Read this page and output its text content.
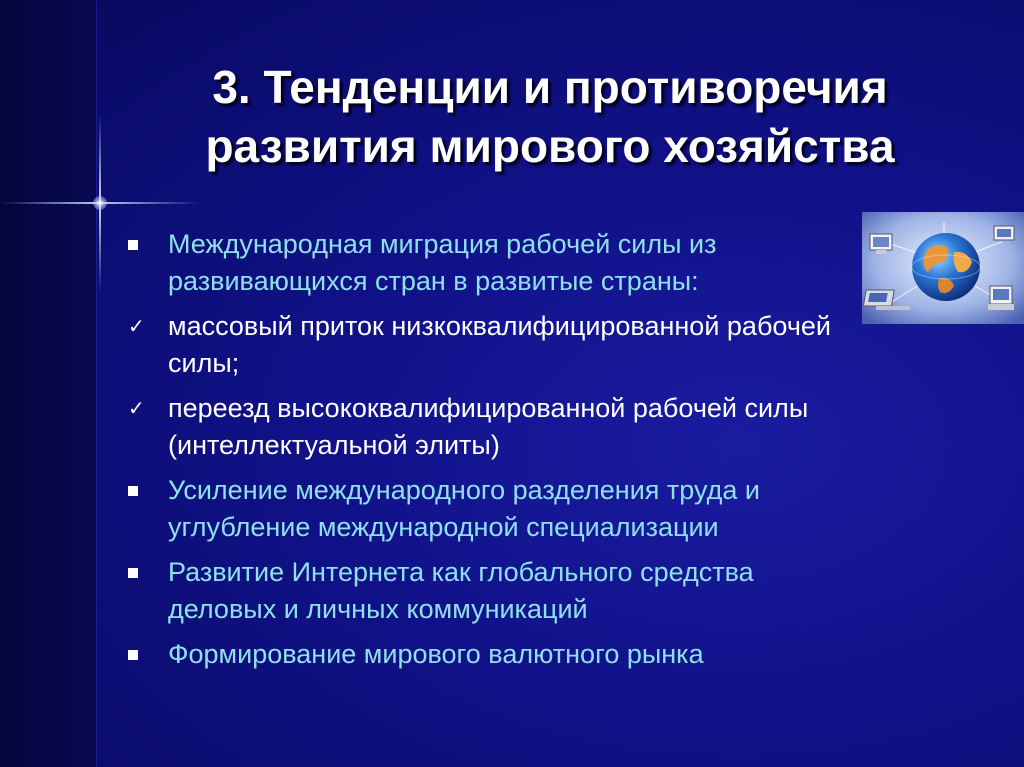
3. Тенденции и противоречия
развития мирового хозяйства
Международная миграция рабочей силы из
развивающихся стран в развитые страны:
✓ массовый приток низкоквалифицированной рабочей
силы;
✓ переезд высококвалифицированной рабочей силы
(интеллектуальной элиты)
Усиление международного разделения труда и
углубление международной специализации
Развитие Интернета как глобального средства
деловых и личных коммуникаций
Формирование мирового валютного рынка
